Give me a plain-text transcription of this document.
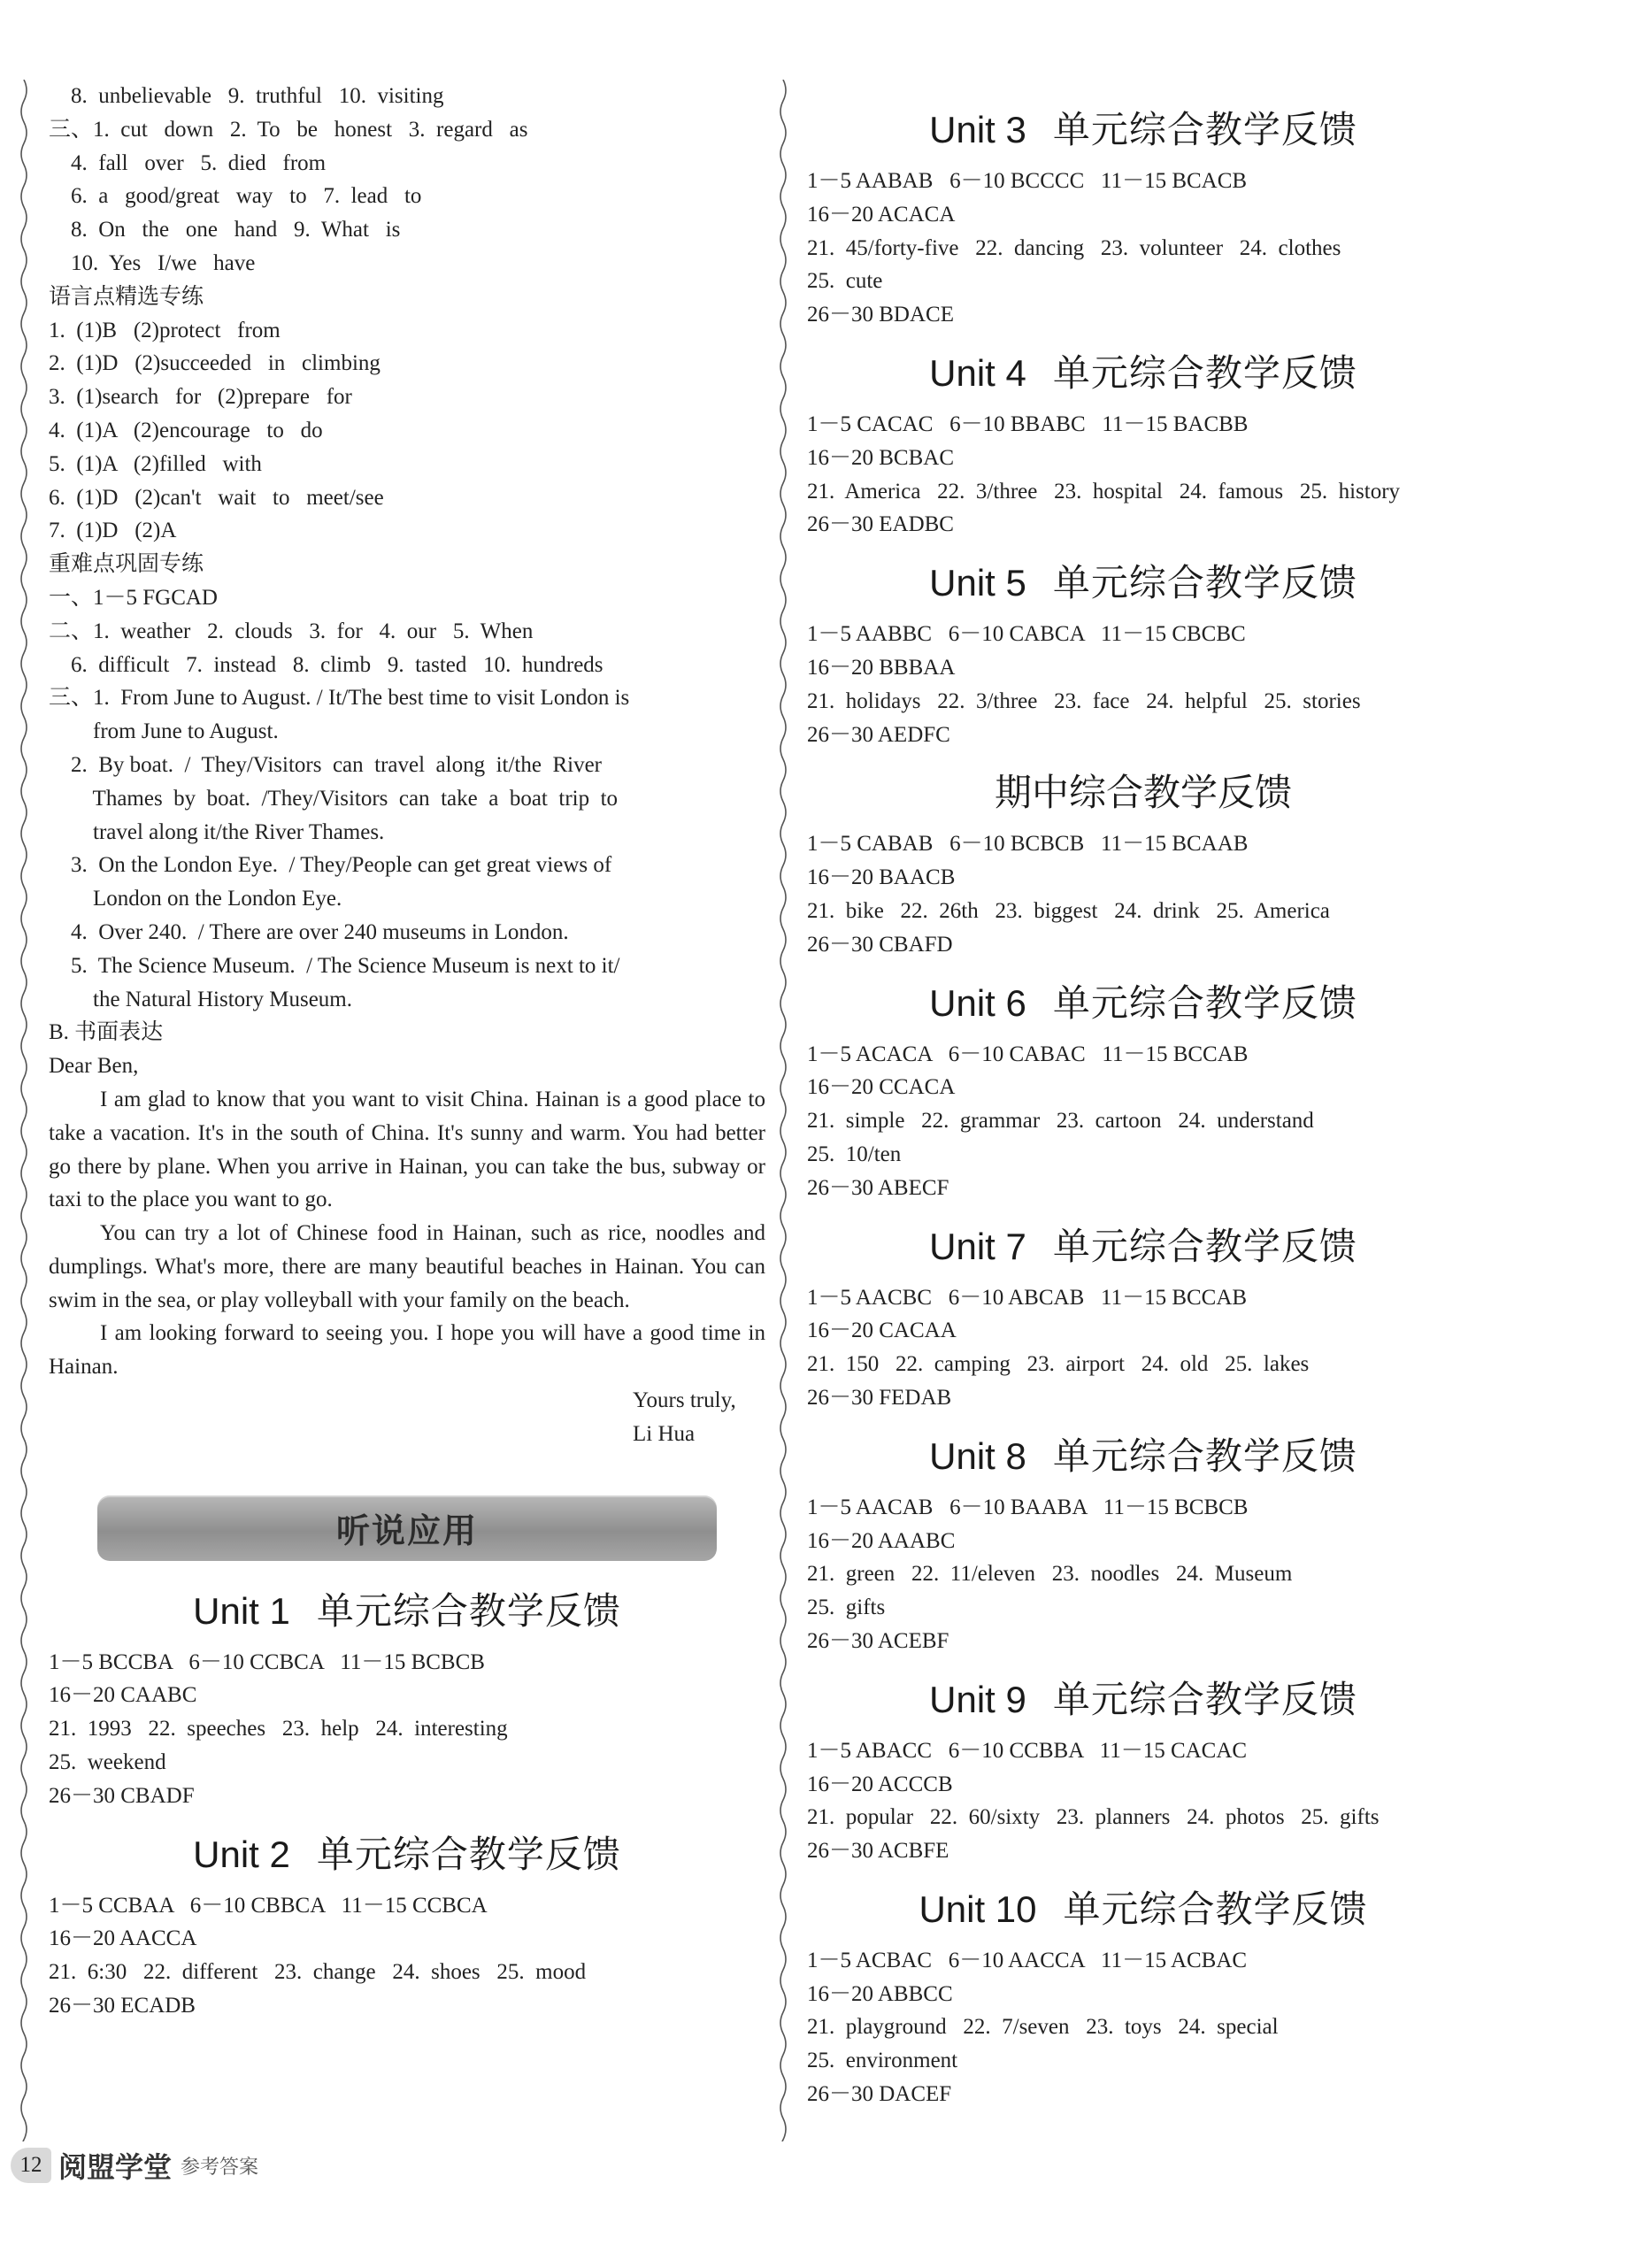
8.  unbelievable   9.  truthful   10.  visiting
三、1.  cut   down   2.  To   be   honest   3.  regard   as
4.  fall   over   5.  died   from
6.  a   good/great   way   to   7.  lead   to
8.  On   the   one   hand   9.  What   is
10.  Yes   I/we   have
语言点精选专练
1.  (1)B   (2)protect   from
2.  (1)D   (2)succeeded   in   climbing
3.  (1)search   for   (2)prepare   for
4.  (1)A   (2)encourage   to   do
5.  (1)A   (2)filled   with
6.  (1)D   (2)can't   wait   to   meet/see
7.  (1)D   (2)A
重难点巩固专练
一、1－5 FGCAD
二、1.  weather   2.  clouds   3.  for   4.  our   5.  When
6.  difficult   7.  instead   8.  climb   9.  tasted   10.  hundreds
三、1.  From June to August. / It/The best time to visit London is
from June to August.
2.  By boat.  /  They/Visitors  can  travel  along  it/the  River
Thames  by  boat.  /They/Visitors  can  take  a  boat  trip  to
travel along it/the River Thames.
3.  On the London Eye.  / They/People can get great views of
London on the London Eye.
4.  Over 240.  / There are over 240 museums in London.
5.  The Science Museum.  / The Science Museum is next to it/
the Natural History Museum.
B. 书面表达
Dear Ben,
I am glad to know that you want to visit China. Hainan is a good place to take a vacation. It's in the south of China. It's sunny and warm. You had better go there by plane. When you arrive in Hainan, you can take the bus, subway or taxi to the place you want to go.
You can try a lot of Chinese food in Hainan, such as rice, noodles and dumplings. What's more, there are many beautiful beaches in Hainan. You can swim in the sea, or play volleyball with your family on the beach.
I am looking forward to seeing you. I hope you will have a good time in Hainan.
Yours truly,
Li Hua
听说应用
Unit 1 单元综合教学反馈
1－5 BCCBA   6－10 CCBCA   11－15 BCBCB
16－20 CAABC
21.  1993   22.  speeches   23.  help   24.  interesting
25.  weekend
26－30 CBADF
Unit 2 单元综合教学反馈
1－5 CCBAA   6－10 CBBCA   11－15 CCBCA
16－20 AACCA
21.  6:30   22.  different   23.  change   24.  shoes   25.  mood
26－30 ECADB
Unit 3 单元综合教学反馈
1－5 AABAB   6－10 BCCCC   11－15 BCACB
16－20 ACACA
21.  45/forty-five   22.  dancing   23.  volunteer   24.  clothes
25.  cute
26－30 BDACE
Unit 4 单元综合教学反馈
1－5 CACAC   6－10 BBABC   11－15 BACBB
16－20 BCBAC
21.  America   22.  3/three   23.  hospital   24.  famous   25.  history
26－30 EADBC
Unit 5 单元综合教学反馈
1－5 AABBC   6－10 CABCA   11－15 CBCBC
16－20 BBBAA
21.  holidays   22.  3/three   23.  face   24.  helpful   25.  stories
26－30 AEDFC
期中综合教学反馈
1－5 CABAB   6－10 BCBCB   11－15 BCAAB
16－20 BAACB
21.  bike   22.  26th   23.  biggest   24.  drink   25.  America
26－30 CBAFD
Unit 6 单元综合教学反馈
1－5 ACACA   6－10 CABAC   11－15 BCCAB
16－20 CCACA
21.  simple   22.  grammar   23.  cartoon   24.  understand
25.  10/ten
26－30 ABECF
Unit 7 单元综合教学反馈
1－5 AACBC   6－10 ABCAB   11－15 BCCAB
16－20 CACAA
21.  150   22.  camping   23.  airport   24.  old   25.  lakes
26－30 FEDAB
Unit 8 单元综合教学反馈
1－5 AACAB   6－10 BAABA   11－15 BCBCB
16－20 AAABC
21.  green   22.  11/eleven   23.  noodles   24.  Museum
25.  gifts
26－30 ACEBF
Unit 9 单元综合教学反馈
1－5 ABACC   6－10 CCBBA   11－15 CACAC
16－20 ACCCB
21.  popular   22.  60/sixty   23.  planners   24.  photos   25.  gifts
26－30 ACBFE
Unit 10 单元综合教学反馈
1－5 ACBAC   6－10 AACCA   11－15 ACBAC
16－20 ABBCC
21.  playground   22.  7/seven   23.  toys   24.  special
25.  environment
26－30 DACEF
12 阅盟学堂 参考答案
